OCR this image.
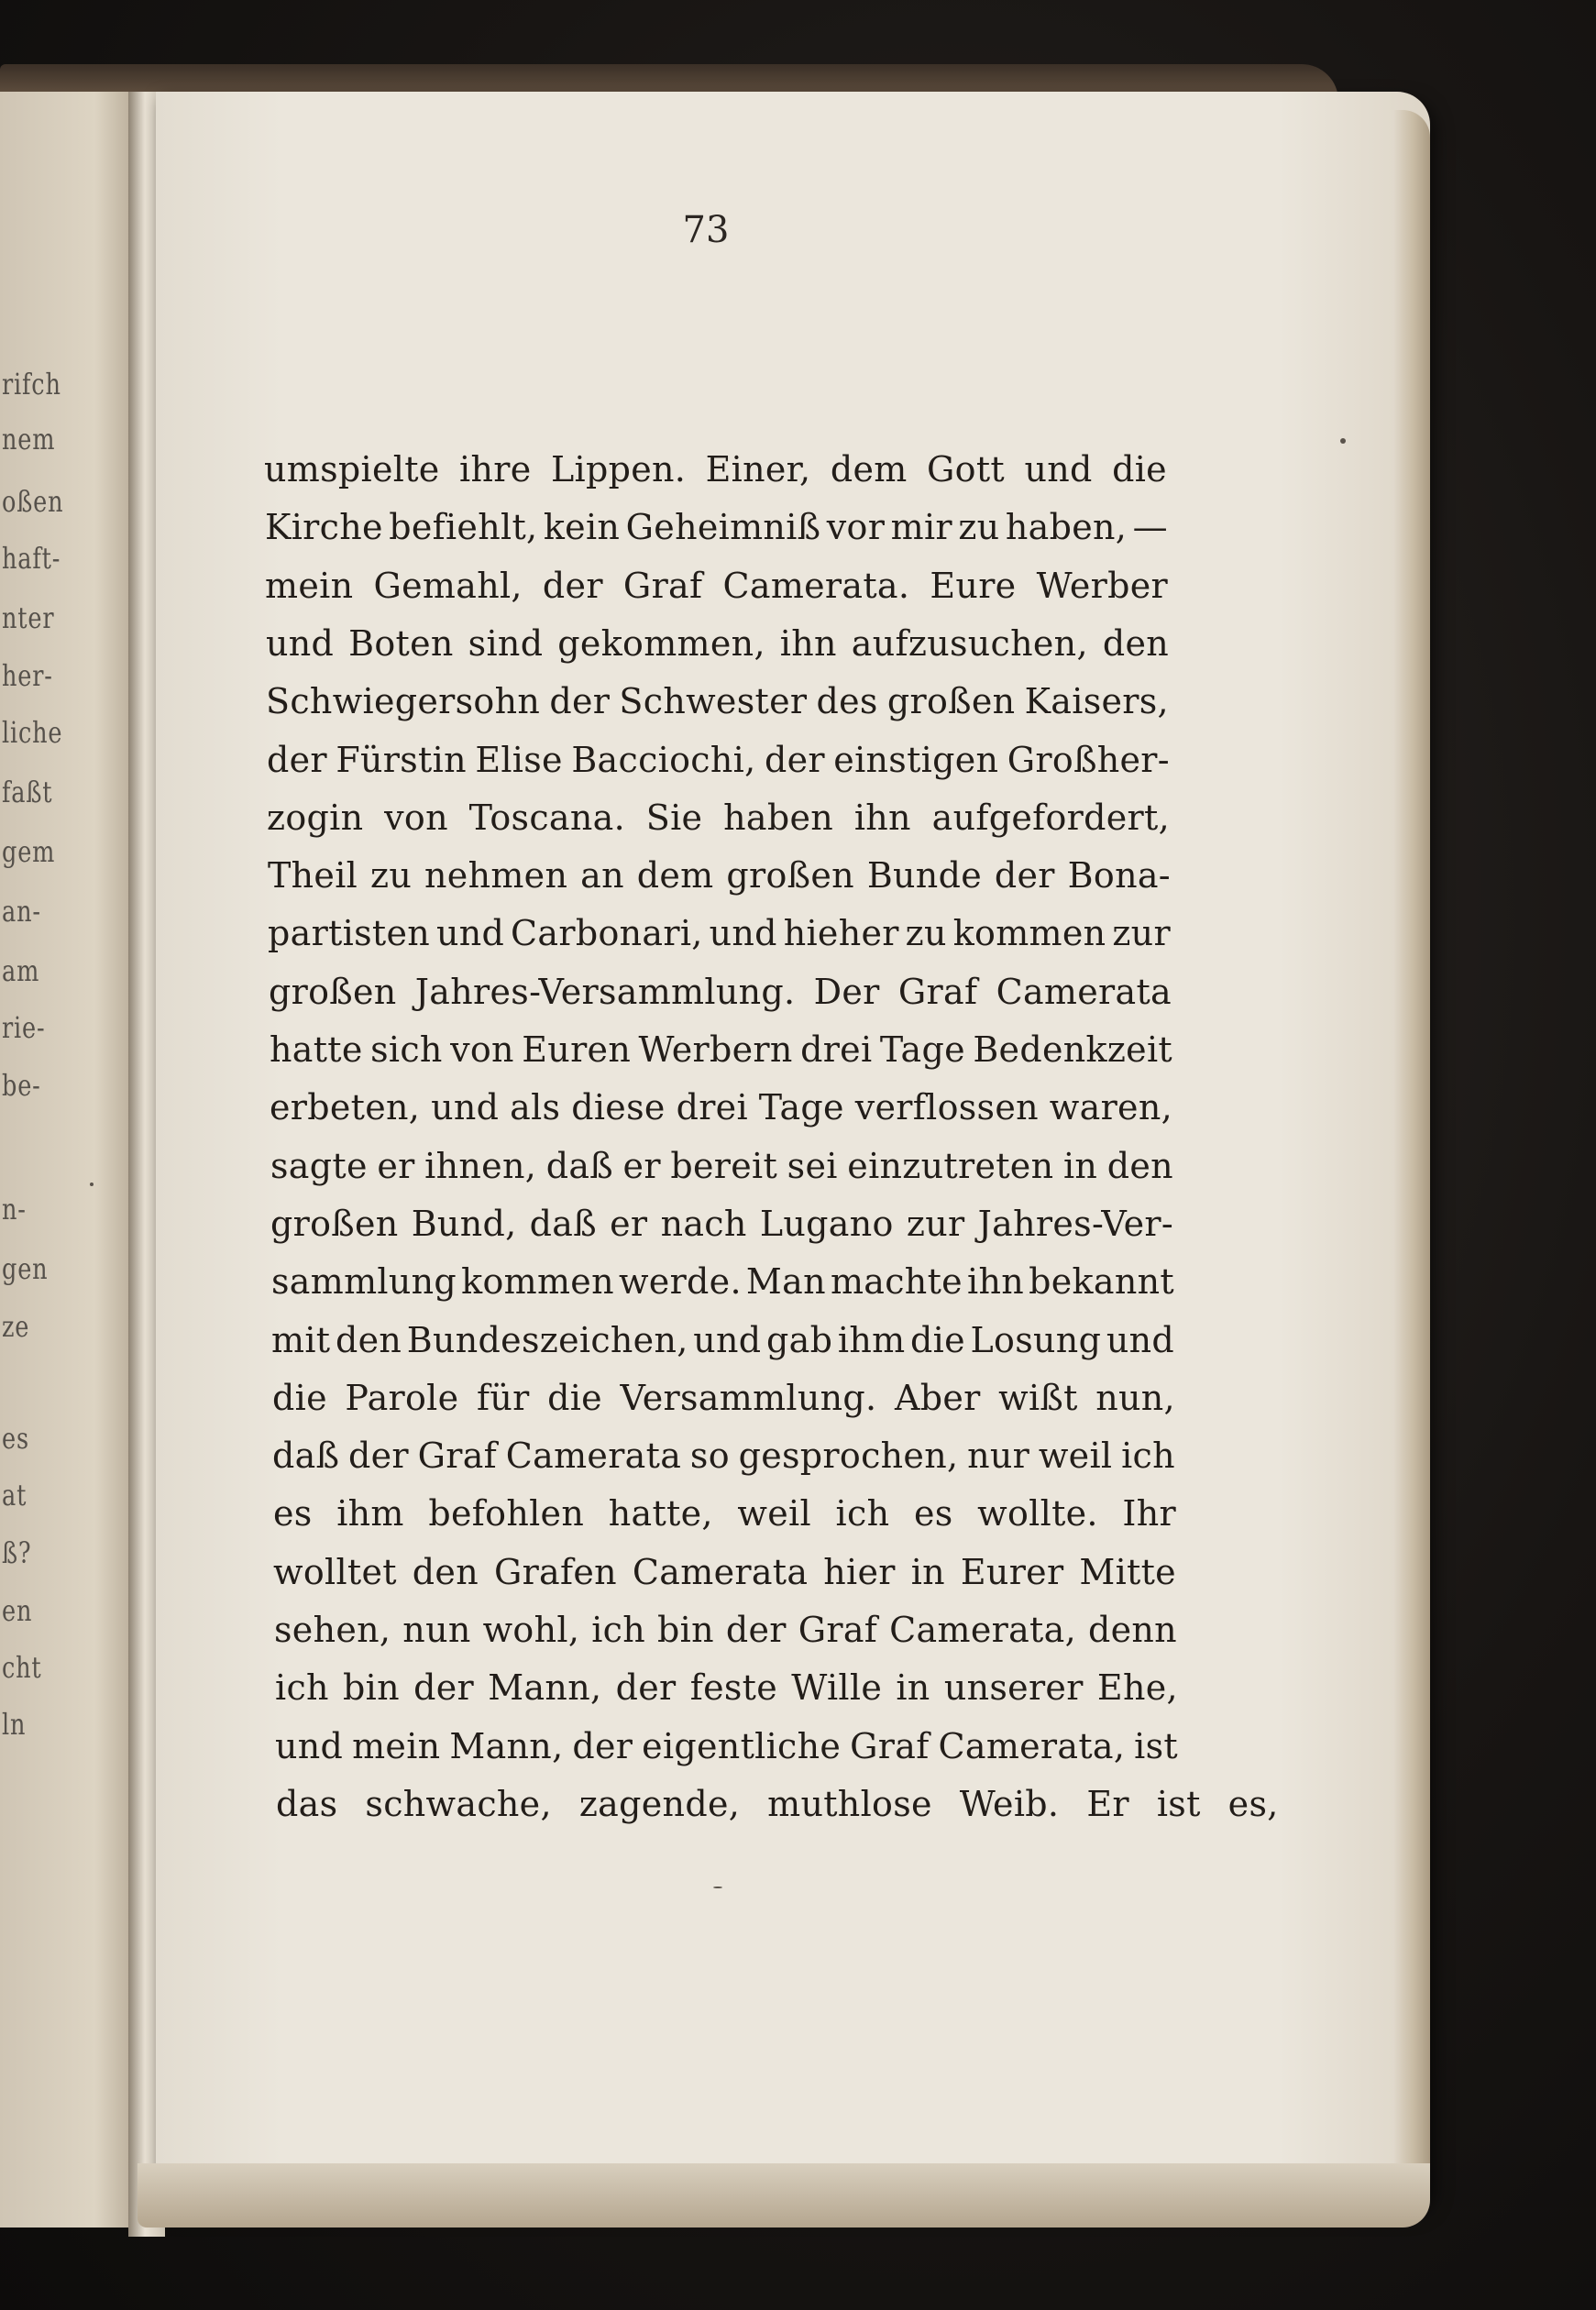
rifch
nem
oßen
haft-
nter
her-
liche
faßt
gem
an-
am
rie-
be-
n-
gen
ze
es
at
ß?
en
cht
ln
73
umspielte ihre Lippen. Einer, dem Gott und die
Kirche befiehlt, kein Geheimniß vor mir zu haben, —
mein Gemahl, der Graf Camerata. Eure Werber
und Boten sind gekommen, ihn aufzusuchen, den
Schwiegersohn der Schwester des großen Kaisers,
der Fürstin Elise Bacciochi, der einstigen Großher-
zogin von Toscana. Sie haben ihn aufgefordert,
Theil zu nehmen an dem großen Bunde der Bona-
partisten und Carbonari, und hieher zu kommen zur
großen Jahres-Versammlung. Der Graf Camerata
hatte sich von Euren Werbern drei Tage Bedenkzeit
erbeten, und als diese drei Tage verflossen waren,
sagte er ihnen, daß er bereit sei einzutreten in den
großen Bund, daß er nach Lugano zur Jahres-Ver-
sammlung kommen werde. Man machte ihn bekannt
mit den Bundeszeichen, und gab ihm die Losung und
die Parole für die Versammlung. Aber wißt nun,
daß der Graf Camerata so gesprochen, nur weil ich
es ihm befohlen hatte, weil ich es wollte. Ihr
wolltet den Grafen Camerata hier in Eurer Mitte
sehen, nun wohl, ich bin der Graf Camerata, denn
ich bin der Mann, der feste Wille in unserer Ehe,
und mein Mann, der eigentliche Graf Camerata, ist
das schwache, zagende, muthlose Weib. Er ist es,
